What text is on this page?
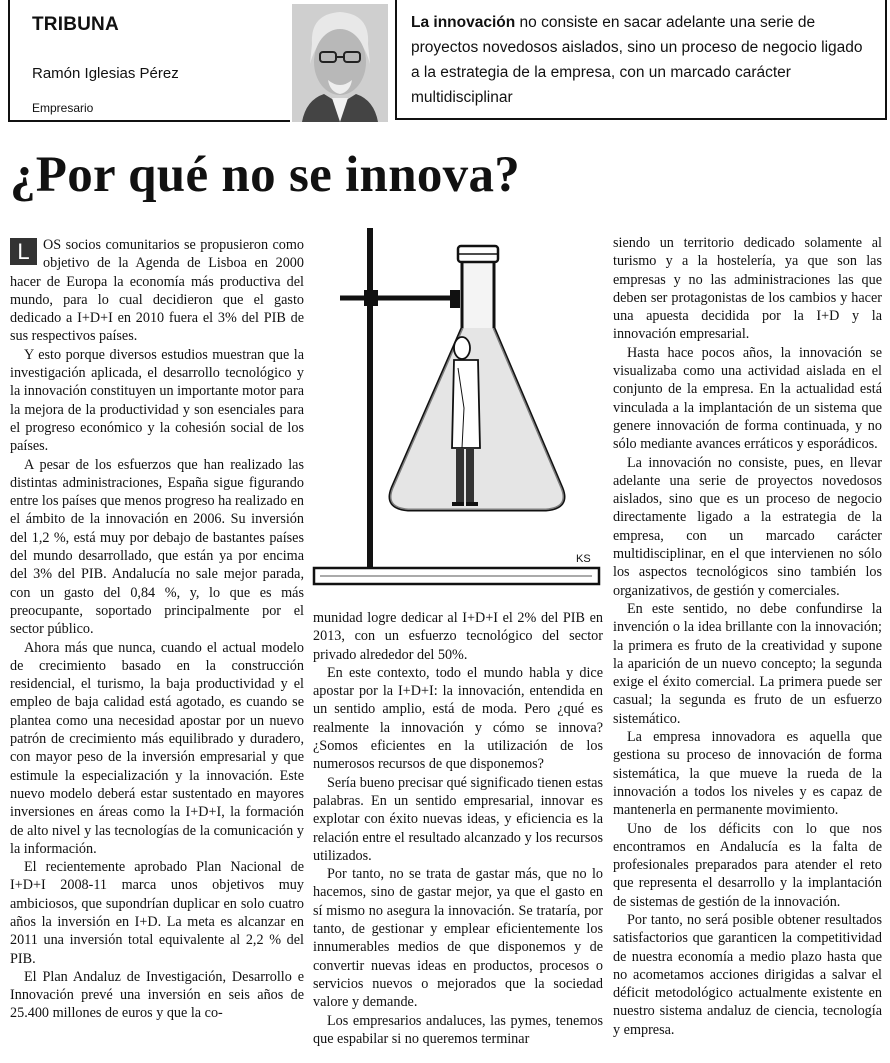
TRIBUNA
Ramón Iglesias Pérez
Empresario
La innovación no consiste en sacar adelante una serie de proyectos novedosos aislados, sino un proceso de negocio ligado a la estrategia de la empresa, con un marcado carácter multidisciplinar
¿Por qué no se innova?

L OS socios comunitarios se propusieron como objetivo de la Agenda de Lisboa en 2000 hacer de Europa la economía más productiva del mundo, para lo cual decidieron que el gasto dedicado a I+D+I en 2010 fuera el 3% del PIB de sus respectivos países.

Y esto porque diversos estudios muestran que la investigación aplicada, el desarrollo tecnológico y la innovación constituyen un importante motor para la mejora de la productividad y son esenciales para el progreso económico y la cohesión social de los países.

A pesar de los esfuerzos que han realizado las distintas administraciones, España sigue figurando entre los países que menos progreso ha realizado en el ámbito de la innovación en 2006. Su inversión del 1,2 %, está muy por debajo de bastantes países del mundo desarrollado, que están ya por encima del 3% del PIB. Andalucía no sale mejor parada, con un gasto del 0,84 %, y, lo que es más preocupante, soportado principalmente por el sector público.

Ahora más que nunca, cuando el actual modelo de crecimiento basado en la construcción residencial, el turismo, la baja productividad y el empleo de baja calidad está agotado, es cuando se plantea como una necesidad apostar por un nuevo patrón de crecimiento más equilibrado y duradero, con mayor peso de la inversión empresarial y que estimule la especialización y la innovación. Este nuevo modelo deberá estar sustentado en mayores inversiones en áreas como la I+D+I, la formación de alto nivel y las tecnologías de la comunicación y la información.

El recientemente aprobado Plan Nacional de I+D+I 2008-11 marca unos objetivos muy ambiciosos, que supondrían duplicar en solo cuatro años la inversión en I+D. La meta es alcanzar en 2011 una inversión total equivalente al 2,2 % del PIB.

El Plan Andaluz de Investigación, Desarrollo e Innovación prevé una inversión en seis años de 25.400 millones de euros y que la co-

KS

munidad logre dedicar al I+D+I el 2% del PIB en 2013, con un esfuerzo tecnológico del sector privado alrededor del 50%.

En este contexto, todo el mundo habla y dice apostar por la I+D+I: la innovación, entendida en un sentido amplio, está de moda. Pero ¿qué es realmente la innovación y cómo se innova? ¿Somos eficientes en la utilización de los numerosos recursos de que disponemos?

Sería bueno precisar qué significado tienen estas palabras. En un sentido empresarial, innovar es explotar con éxito nuevas ideas, y eficiencia es la relación entre el resultado alcanzado y los recursos utilizados.

Por tanto, no se trata de gastar más, que no lo hacemos, sino de gastar mejor, ya que el gasto en sí mismo no asegura la innovación. Se trataría, por tanto, de gestionar y emplear eficientemente los innumerables medios de que disponemos y de convertir nuevas ideas en productos, procesos o servicios nuevos o mejorados que la sociedad valore y demande.

Los empresarios andaluces, las pymes, tenemos que espabilar si no queremos terminar

siendo un territorio dedicado solamente al turismo y a la hostelería, ya que son las empresas y no las administraciones las que deben ser protagonistas de los cambios y hacer una apuesta decidida por la I+D y la innovación empresarial.

Hasta hace pocos años, la innovación se visualizaba como una actividad aislada en el conjunto de la empresa. En la actualidad está vinculada a la implantación de un sistema que genere innovación de forma continuada, y no sólo mediante avances erráticos y esporádicos.

La innovación no consiste, pues, en llevar adelante una serie de proyectos novedosos aislados, sino que es un proceso de negocio directamente ligado a la estrategia de la empresa, con un marcado carácter multidisciplinar, en el que intervienen no sólo los aspectos tecnológicos sino también los organizativos, de gestión y comerciales.

En este sentido, no debe confundirse la invención o la idea brillante con la innovación; la primera es fruto de la creatividad y supone la aparición de un nuevo concepto; la segunda exige el éxito comercial. La primera puede ser casual; la segunda es fruto de un esfuerzo sistemático.

La empresa innovadora es aquella que gestiona su proceso de innovación de forma sistemática, la que mueve la rueda de la innovación a todos los niveles y es capaz de mantenerla en permanente movimiento.

Uno de los déficits con lo que nos encontramos en Andalucía es la falta de profesionales preparados para atender el reto que representa el desarrollo y la implantación de sistemas de gestión de la innovación.

Por tanto, no será posible obtener resultados satisfactorios que garanticen la competitividad de nuestra economía a medio plazo hasta que no acometamos acciones dirigidas a salvar el déficit metodológico actualmente existente en nuestro sistema andaluz de ciencia, tecnología y empresa.
